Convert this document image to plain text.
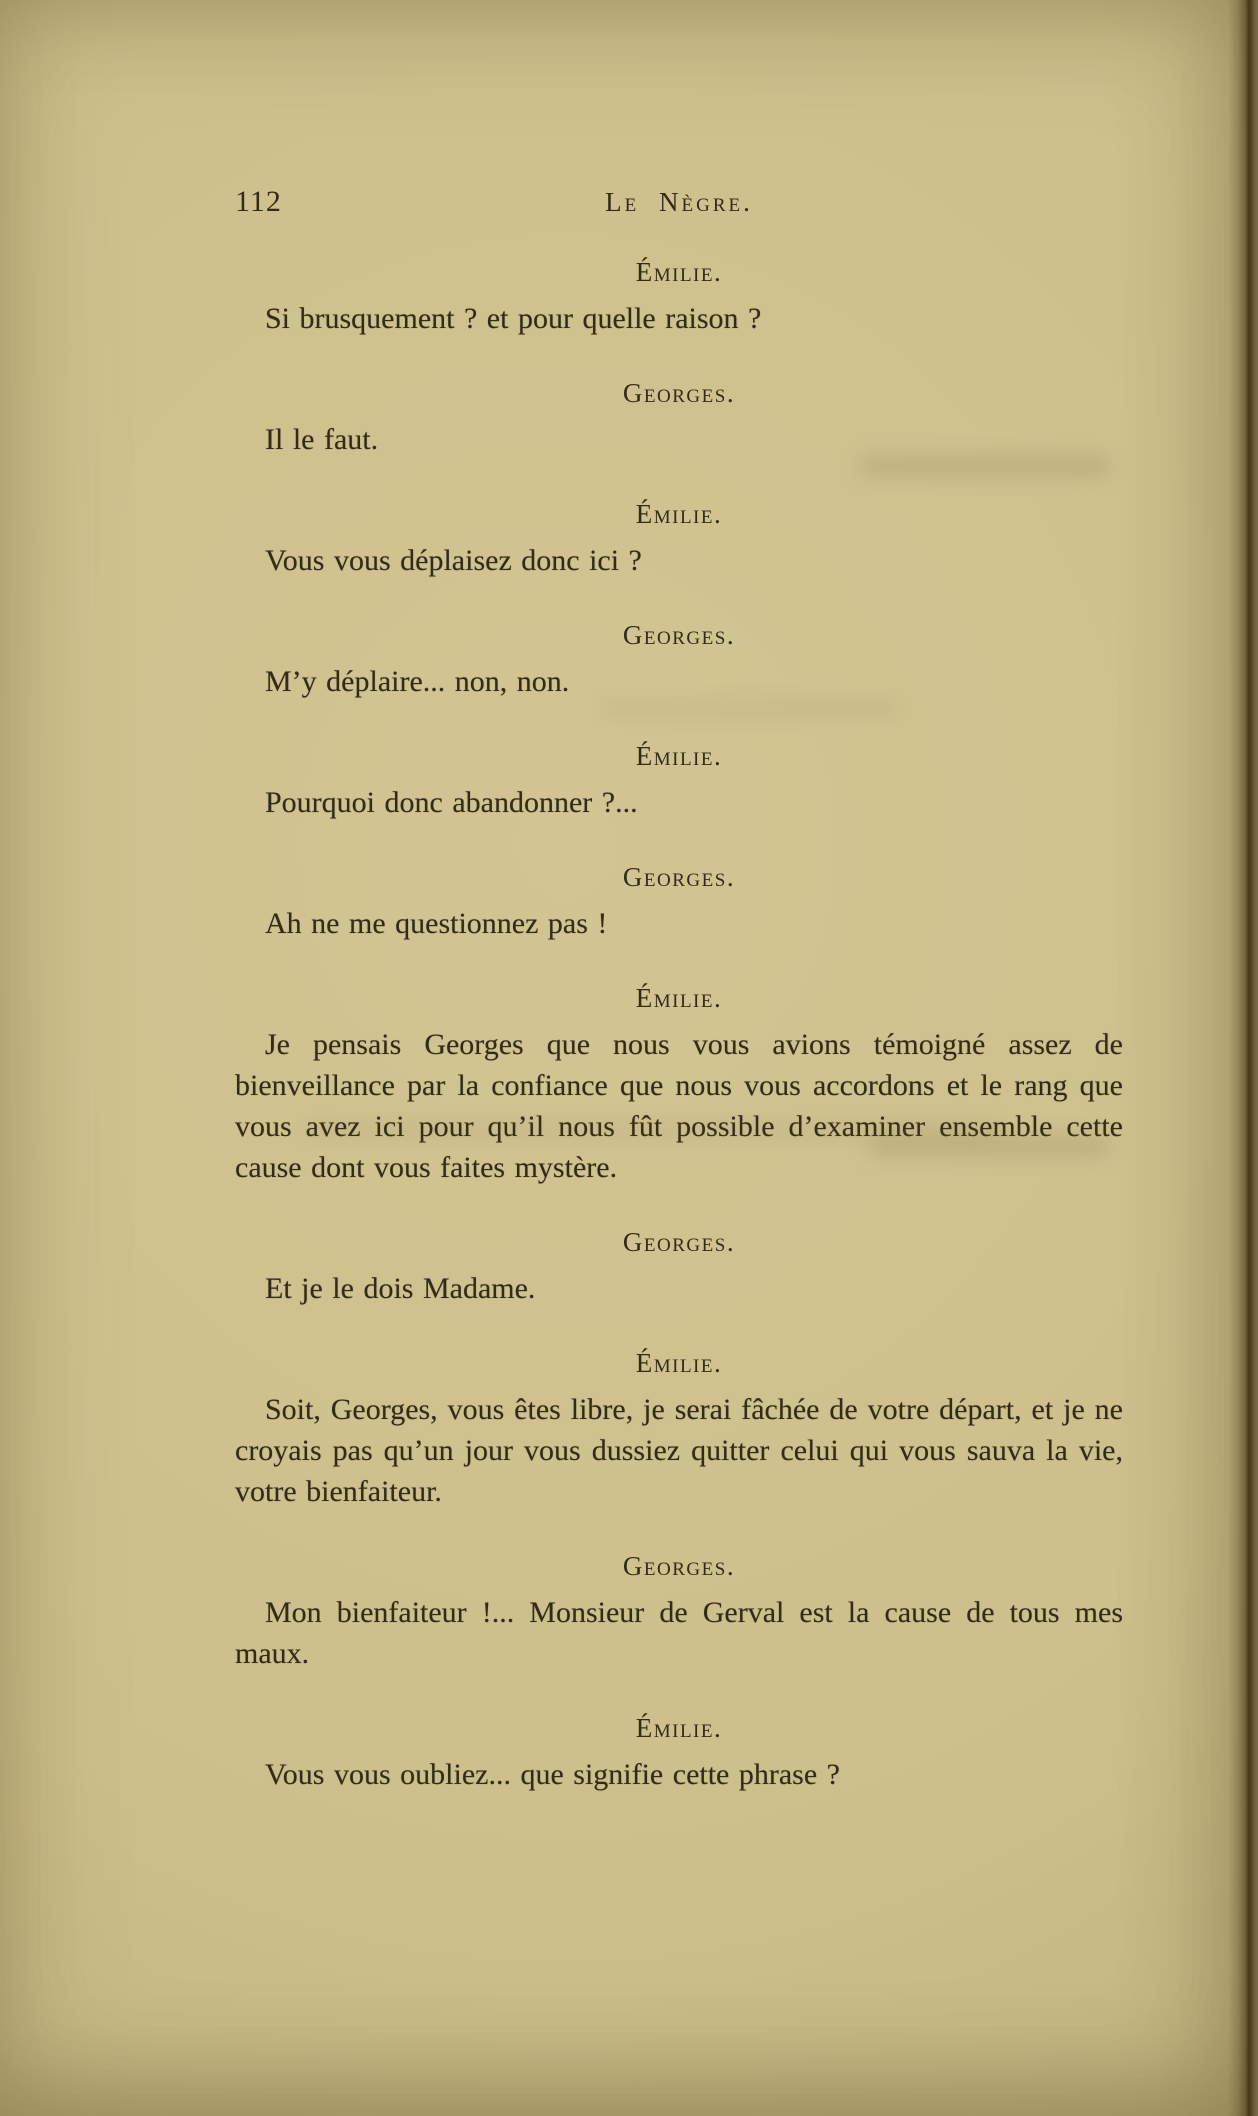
112	Le Nègre.
Émilie.

Si brusquement ? et pour quelle raison ?

Georges.

Il le faut.

Émilie.

Vous vous déplaisez donc ici ?

Georges.

M’y déplaire... non, non.

Émilie.

Pourquoi donc abandonner ?...

Georges.

Ah ne me questionnez pas !

Émilie.

Je pensais Georges que nous vous avions témoigné assez de bienveillance par la confiance que nous vous accordons et le rang que vous avez ici pour qu’il nous fût possible d’examiner ensemble cette cause dont vous faites mystère.

Georges.

Et je le dois Madame.

Émilie.

Soit, Georges, vous êtes libre, je serai fâchée de votre départ, et je ne croyais pas qu’un jour vous dussiez quitter celui qui vous sauva la vie, votre bienfaiteur.

Georges.

Mon bienfaiteur !... Monsieur de Gerval est la cause de tous mes maux.

Émilie.

Vous vous oubliez... que signifie cette phrase ?
